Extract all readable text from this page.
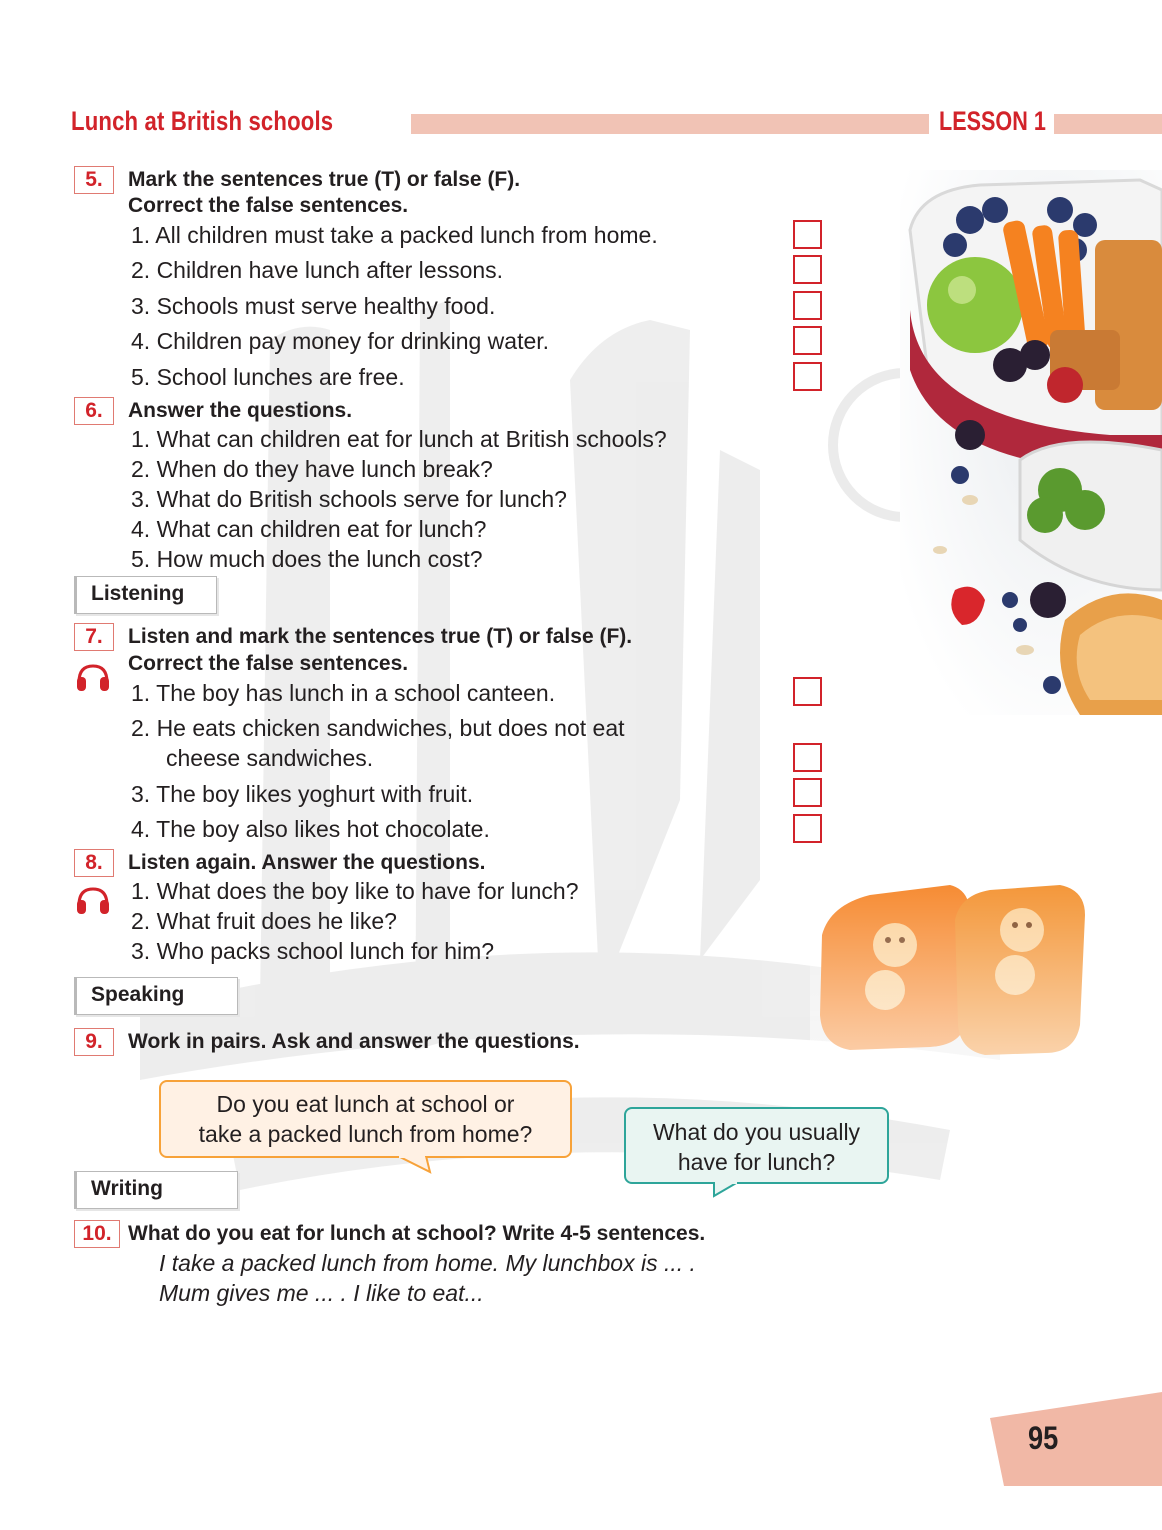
Lunch at British schools	LESSON 1
5.	Mark the sentences true (T) or false (F).
Correct the false sentences.
1. All children must take a packed lunch from home.
2. Children have lunch after lessons.
3. Schools must serve healthy food.
4. Children pay money for drinking water.
5. School lunches are free.
6.	Answer the questions.
1. What can children eat for lunch at British schools?
2. When do they have lunch break?
3. What do British schools serve for lunch?
4. What can children eat for lunch?
5. How much does the lunch cost?
Listening
7.	Listen and mark the sentences true (T) or false (F).
Correct the false sentences.
1. The boy has lunch in a school canteen.
2. He eats chicken sandwiches, but does not eat
cheese sandwiches.
3. The boy likes yoghurt with fruit.
4. The boy also likes hot chocolate.
8.	Listen again. Answer the questions.
1. What does the boy like to have for lunch?
2. What fruit does he like?
3. Who packs school lunch for him?
Speaking
9.	Work in pairs. Ask and answer the questions.
Do you eat lunch at school or
take a packed lunch from home?	What do you usually
have for lunch?
Writing
10. What do you eat for lunch at school? Write 4-5 sentences.
I take a packed lunch from home. My lunchbox is ... .
Mum gives me ... . I like to eat...
95
